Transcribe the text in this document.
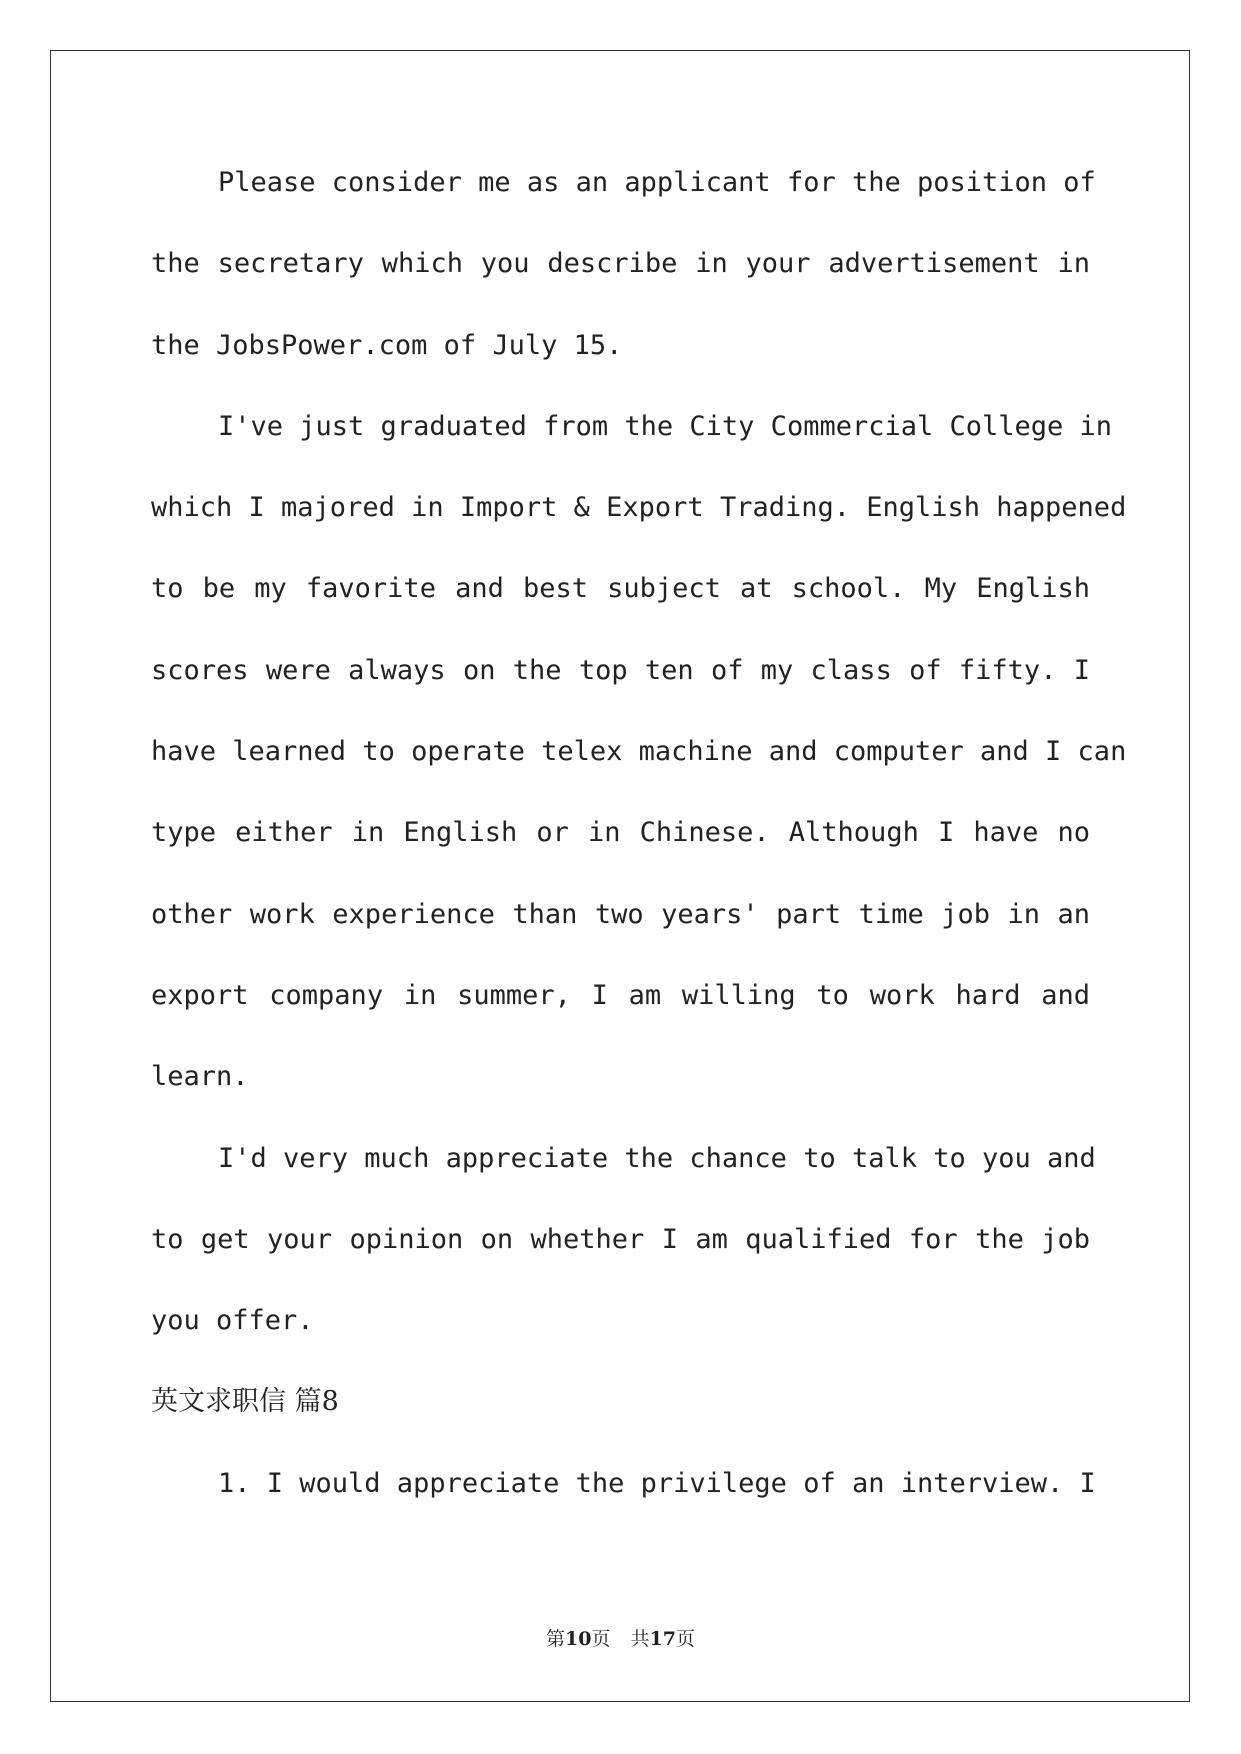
Please consider me as an applicant for the position of
the secretary which you describe in your advertisement in
the JobsPower.com of July 15.
I've just graduated from the City Commercial College in
which I majored in Import & Export Trading. English happened
to be my favorite and best subject at school. My English
scores were always on the top ten of my class of fifty. I
have learned to operate telex machine and computer and I can
type either in English or in Chinese. Although I have no
other work experience than two years' part time job in an
export company in summer, I am willing to work hard and
learn.
I'd very much appreciate the chance to talk to you and
to get your opinion on whether I am qualified for the job
you offer.
英文求职信 篇8
1. I would appreciate the privilege of an interview. I
第10页 共17页
